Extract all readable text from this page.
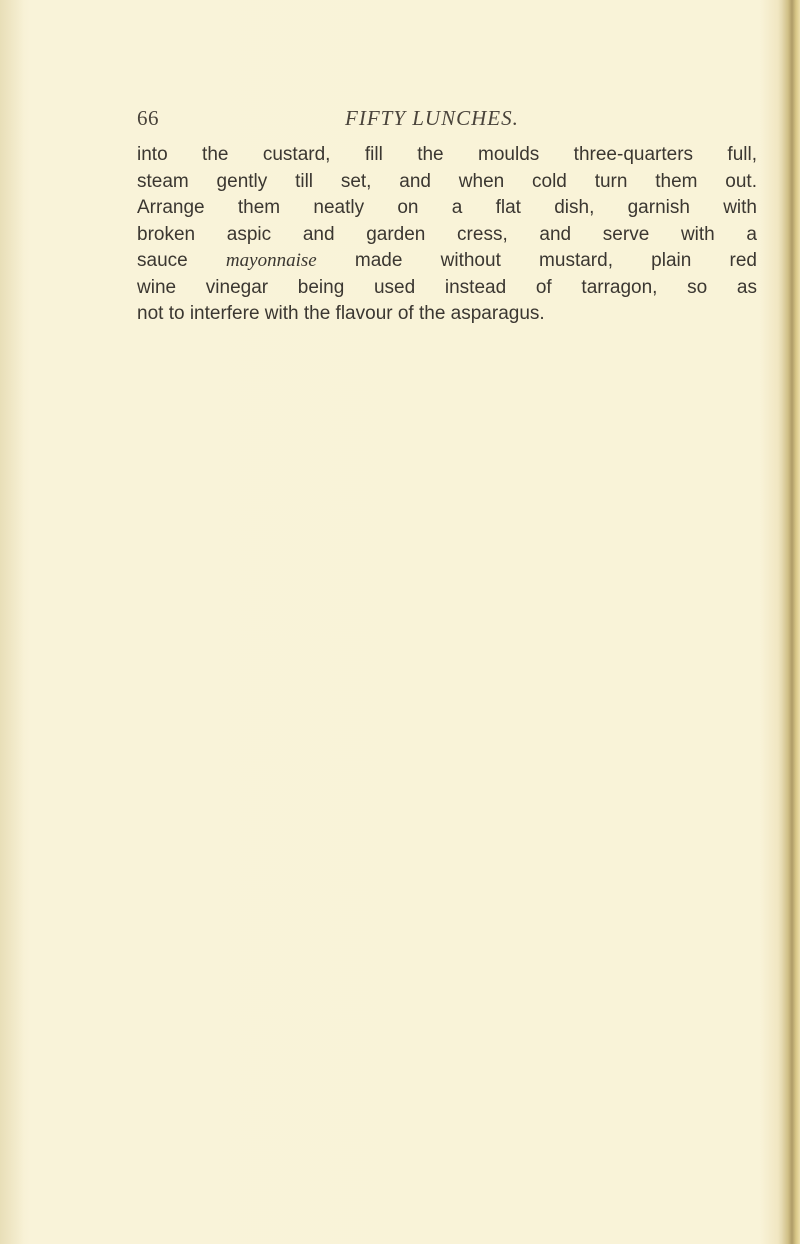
66	FIFTY LUNCHES.
into the custard, fill the moulds three-quarters full,
steam gently till set, and when cold turn them out.
Arrange them neatly on a flat dish, garnish with
broken aspic and garden cress, and serve with a
sauce mayonnaise made without mustard, plain red
wine vinegar being used instead of tarragon, so as
not to interfere with the flavour of the asparagus.
